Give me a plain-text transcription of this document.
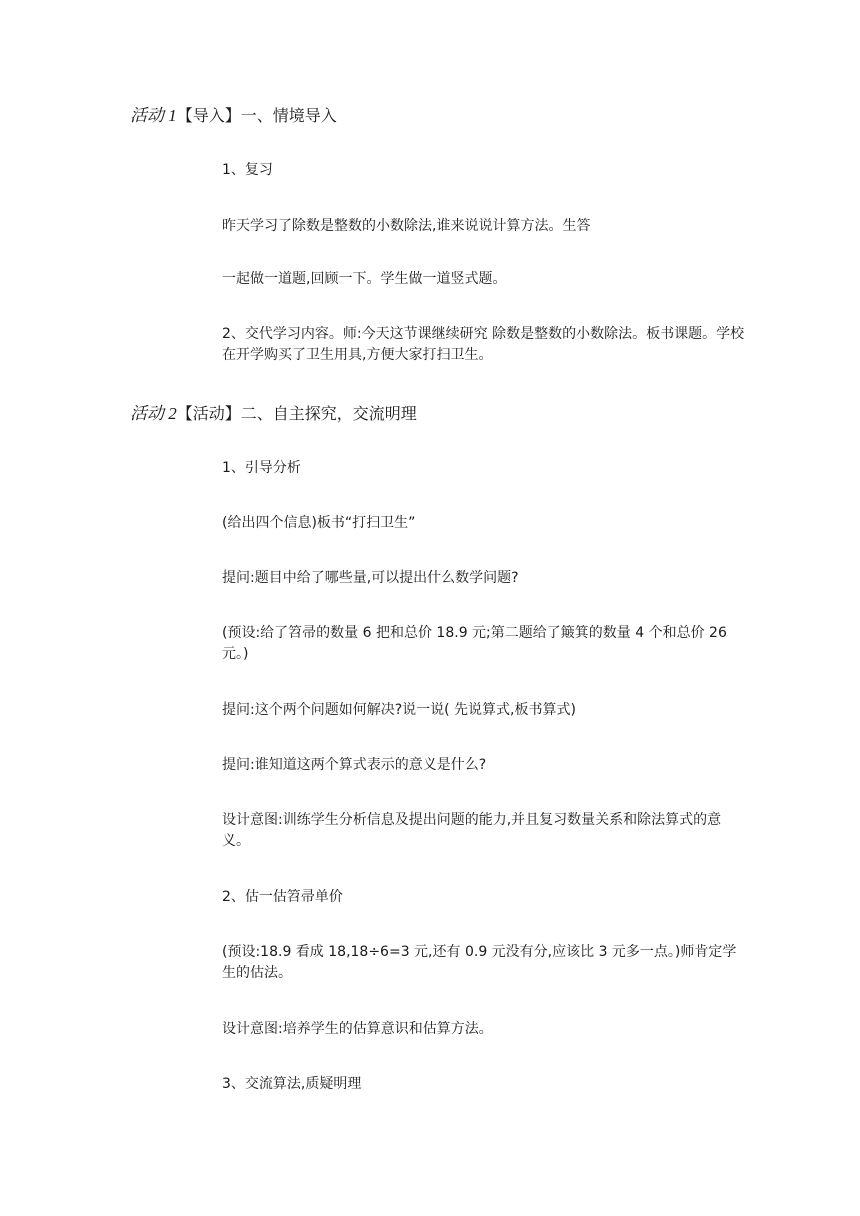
活动 1【导入】一、情境导入

1、复习

昨天学习了除数是整数的小数除法,谁来说说计算方法。生答

一起做一道题,回顾一下。学生做一道竖式题。

2、交代学习内容。师:今天这节课继续研究 除数是整数的小数除法。板书课题。学校在开学购买了卫生用具,方便大家打扫卫生。

活动 2【活动】二、自主探究，交流明理

1、引导分析

(给出四个信息)板书“打扫卫生”

提问:题目中给了哪些量,可以提出什么数学问题?

(预设:给了笤帚的数量 6 把和总价 18.9 元;第二题给了簸箕的数量 4 个和总价 26 元。)

提问:这个两个问题如何解决?说一说( 先说算式,板书算式)

提问:谁知道这两个算式表示的意义是什么?

设计意图:训练学生分析信息及提出问题的能力,并且复习数量关系和除法算式的意义。

2、估一估笤帚单价

(预设:18.9 看成 18,18÷6=3 元,还有 0.9 元没有分,应该比 3 元多一点。)师肯定学生的估法。

设计意图:培养学生的估算意识和估算方法。

3、交流算法,质疑明理
